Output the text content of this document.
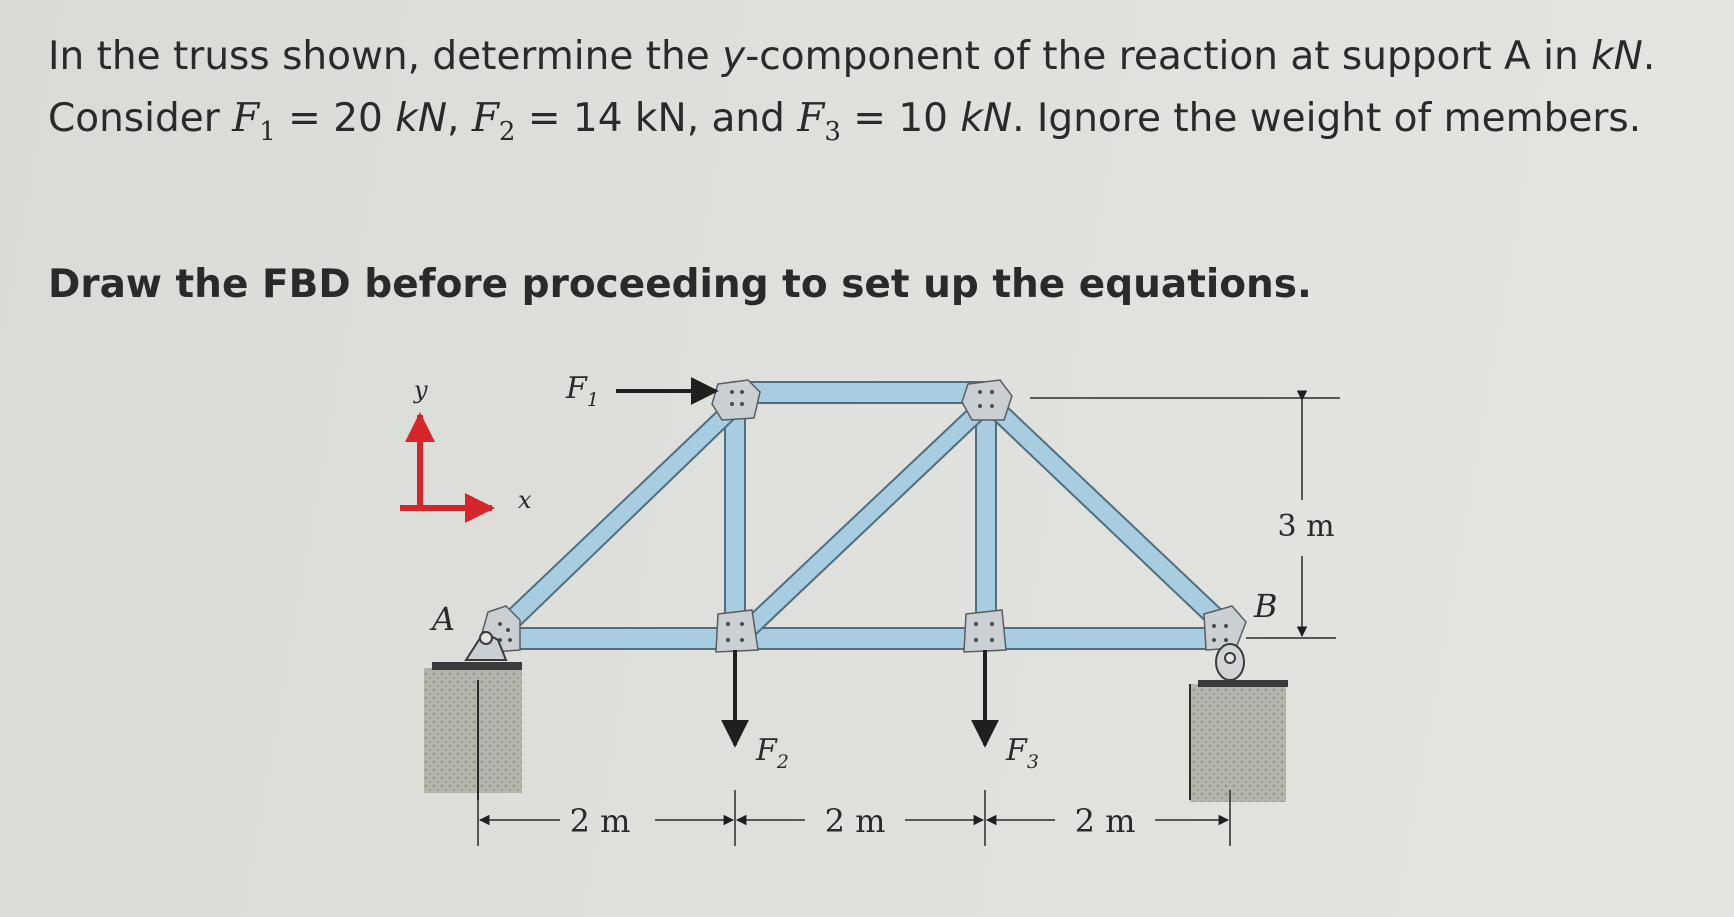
In the truss shown, determine the y-component of the reaction at support A in kN.
Consider $F_1 = 20$ kN, $F_2 = 14$ kN, and $F_3 = 10$ kN. Ignore the weight of members.

Draw the FBD before proceeding to set up the equations.

y
x
$F_1$
$F_2$	$F_3$
A	B
3 m
2 m	2 m	2 m
